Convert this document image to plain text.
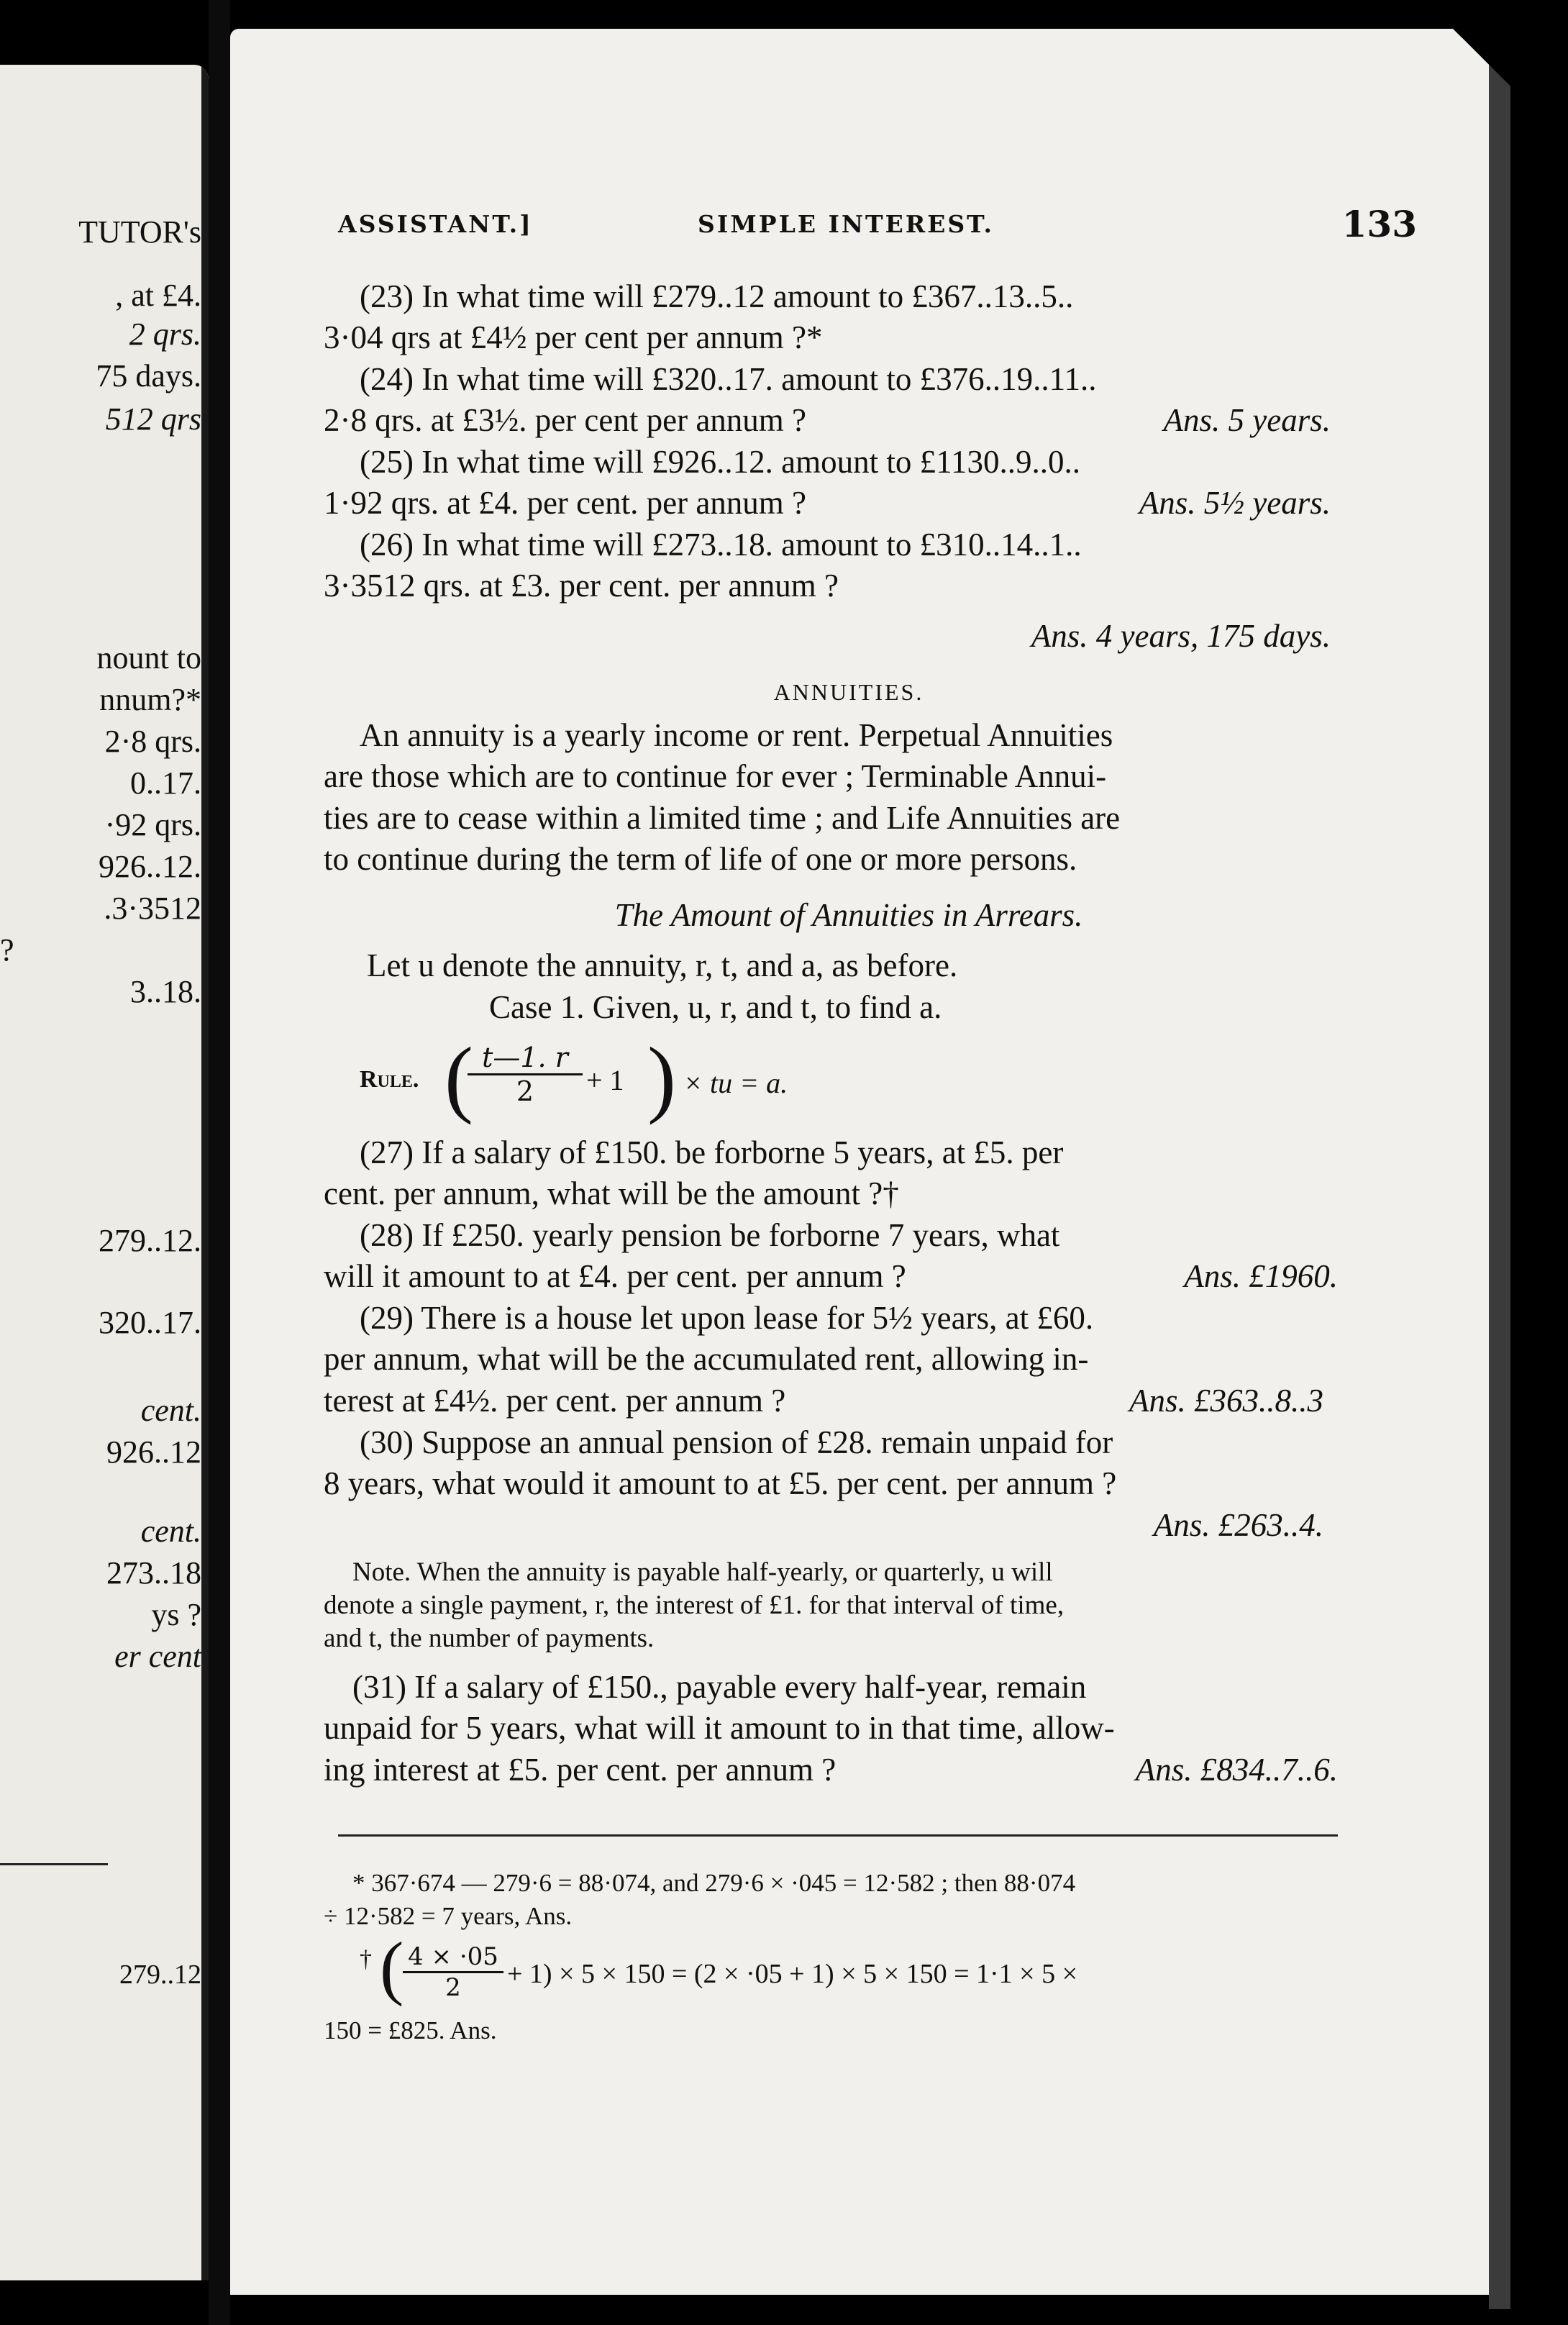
TUTOR's
, at £4.
2 qrs.
75 days.
512 qrs
nount to
nnum?*
2·8 qrs.
0..17.
·92 qrs.
926..12.
.3·3512
?
3..18.
279..12.
320..17.
cent.
926..12
cent.
273..18
ys ?
er cent
279..12
ASSISTANT.]	SIMPLE INTEREST.	133
(23) In what time will £279..12 amount to £367..13..5..
3·04 qrs at £4½ per cent per annum ?*
(24) In what time will £320..17. amount to £376..19..11..
2·8 qrs. at £3½. per cent per annum ?	Ans. 5 years.
(25) In what time will £926..12. amount to £1130..9..0..
1·92 qrs. at £4. per cent. per annum ?	Ans. 5½ years.
(26) In what time will £273..18. amount to £310..14..1..
3·3512 qrs. at £3. per cent. per annum ?
Ans. 4 years, 175 days.
ANNUITIES.
An annuity is a yearly income or rent. Perpetual Annuities
are those which are to continue for ever ; Terminable Annui-
ties are to cease within a limited time ; and Life Annuities are
to continue during the term of life of one or more persons.
The Amount of Annuities in Arrears.
Let u denote the annuity, r, t, and a, as before.
Case 1. Given, u, r, and t, to find a.
Rule. (
$\frac{t—1. r}{2} + 1$ ) × tu = a.
(27) If a salary of £150. be forborne 5 years, at £5. per
cent. per annum, what will be the amount ?†
(28) If £250. yearly pension be forborne 7 years, what
will it amount to at £4. per cent. per annum ?	Ans. £1960.
(29) There is a house let upon lease for 5½ years, at £60.
per annum, what will be the accumulated rent, allowing in-
terest at £4½. per cent. per annum ?	Ans. £363..8..3
(30) Suppose an annual pension of £28. remain unpaid for
8 years, what would it amount to at £5. per cent. per annum ?
Ans. £263..4.
Note. When the annuity is payable half-yearly, or quarterly, u will
denote a single payment, r, the interest of £1. for that interval of time,
and t, the number of payments.
(31) If a salary of £150., payable every half-year, remain
unpaid for 5 years, what will it amount to in that time, allow-
ing interest at £5. per cent. per annum ?	Ans. £834..7..6.
* 367·674 — 279·6 = 88·074, and 279·6 × ·045 = 12·582 ; then 88·074
÷ 12·582 = 7 years, Ans.
† (
$\frac{4 \times \cdot 05}{2} + 1) \times 5 \times 150 = (2 \times \cdot 05 + 1) \times 5 \times 150 = 1\cdot 1 \times 5$ ×
150 = £825. Ans.
